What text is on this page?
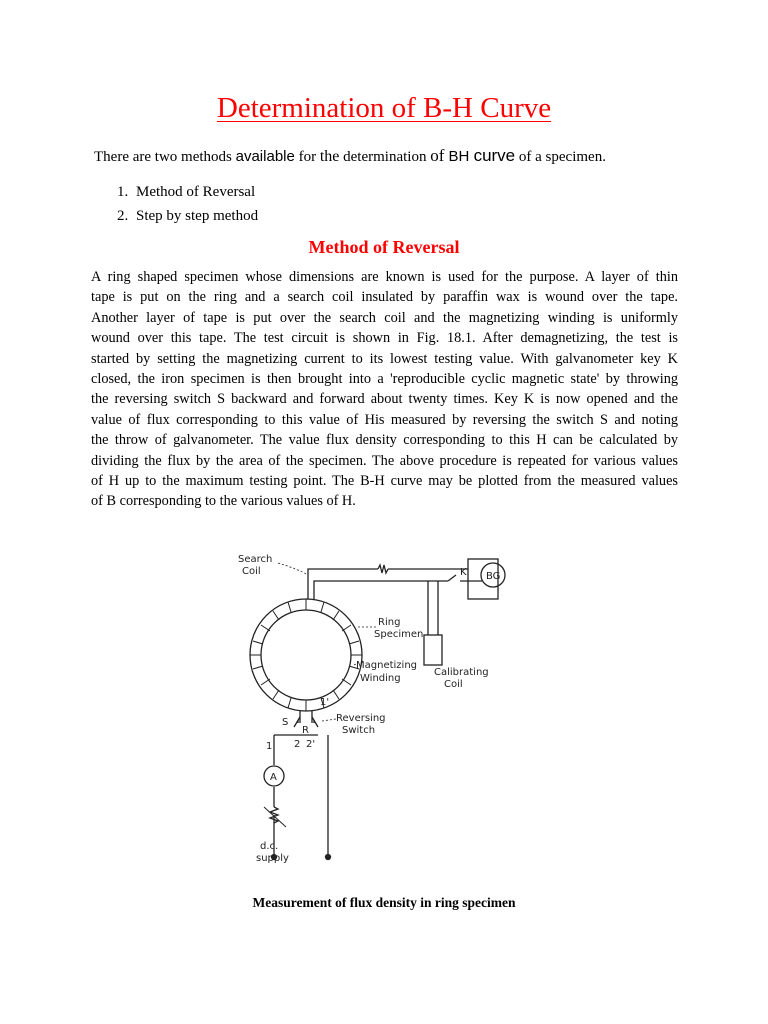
Determination of B-H Curve
There are two methods available for the determination of BH curve of a specimen.
1. Method of Reversal
2. Step by step method
Method of Reversal
A ring shaped specimen whose dimensions are known is used for the purpose. A layer of thin
tape is put on the ring and a search coil insulated by paraffin wax is wound over the tape.
Another layer of tape is put over the search coil and the magnetizing winding is uniformly
wound over this tape. The test circuit is shown in Fig. 18.1. After demagnetizing, the test is
started by setting the magnetizing current to its lowest testing value. With galvanometer key K
closed, the iron specimen is then brought into a 'reproducible cyclic magnetic state' by throwing
the reversing switch S backward and forward about twenty times. Key K is now opened and the
value of flux corresponding to this value of His measured by reversing the switch S and noting
the throw of galvanometer. The value flux density corresponding to this H can be calculated by
dividing the flux by the area of the specimen. The above procedure is repeated for various values
of H up to the maximum testing point. The B-H curve may be plotted from the measured values
of B corresponding to the various values of H.
Search
Coil
Ring
Specimen
Magnetizing
Winding
Calibrating
Coil
Reversing
Switch
d.c.
supply
BG
K
S
R
A
1 2 2'
1'
Measurement of flux density in ring specimen
